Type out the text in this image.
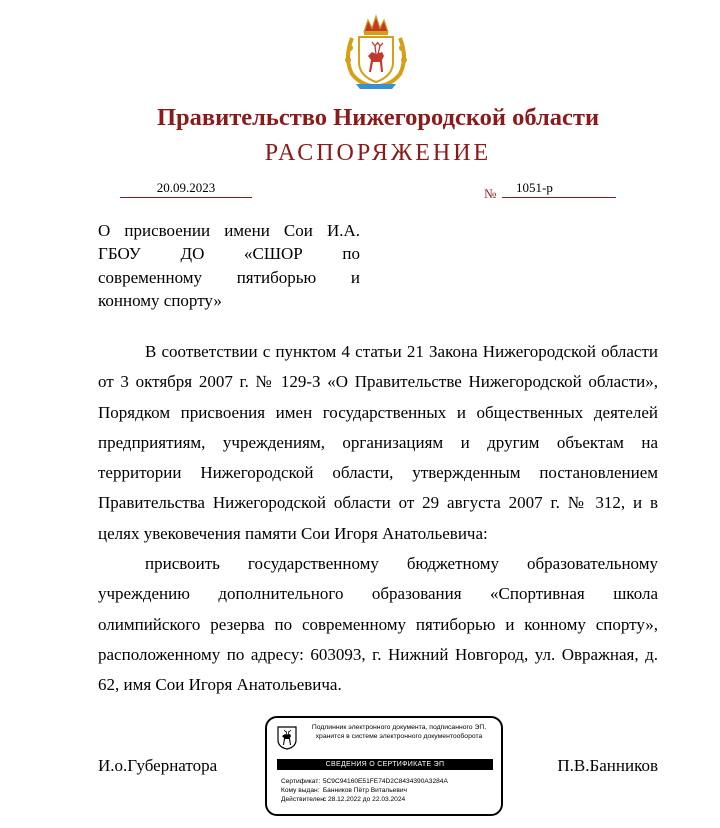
Правительство Нижегородской области
РАСПОРЯЖЕНИЕ
20.09.2023	№	1051-р
О присвоении имени Сои И.А. ГБОУ ДО «СШОР по современному пятиборью и конному спорту»

В соответствии с пунктом 4 статьи 21 Закона Нижегородской области от 3 октября 2007 г. № 129-З «О Правительстве Нижегородской области», Порядком присвоения имен государственных и общественных деятелей предприятиям, учреждениям, организациям и другим объектам на территории Нижегородской области, утвержденным постановлением Правительства Нижегородской области от 29 августа 2007 г. № 312, и в целях увековечения памяти Сои Игоря Анатольевича:

присвоить государственному бюджетному образовательному учреждению дополнительного образования «Спортивная школа олимпийского резерва по современному пятиборью и конному спорту», расположенному по адресу: 603093, г. Нижний Новгород, ул. Овражная, д. 62, имя Сои Игоря Анатольевича.

И.о.Губернатора	П.В.Банников
Подлинник электронного документа, подписанного ЭП,
хранится в системе электронного документооборота
СВЕДЕНИЯ О СЕРТИФИКАТЕ ЭП
Сертификат: 5C9C94160E51FE74D2C8434390A3284A
Кому выдан: Банников Пётр Витальевич
Действителен: с 28.12.2022 до 22.03.2024
